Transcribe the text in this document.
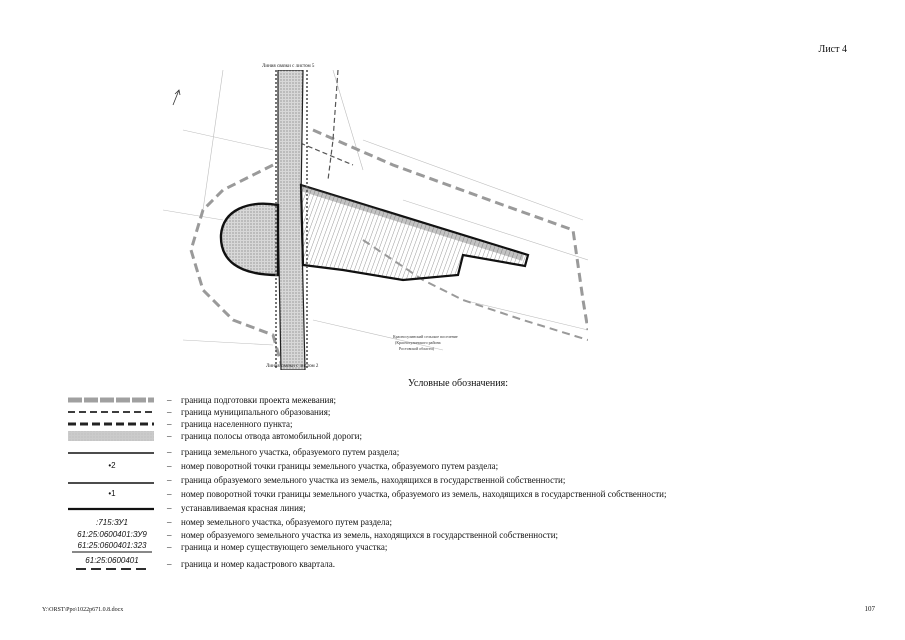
Лист 4
Линия связки с листом 5
Красносулинский сельское поселение
(Красносулинского района
Ростовской области)
Линия связки с листом 2
Условные обозначения:
– граница подготовки проекта межевания;
– граница муниципального образования;
– граница населенного пункта;
– граница полосы отвода автомобильной дороги;
– граница земельного участка, образуемого путем раздела;
•2	– номер поворотной точки границы земельного участка, образуемого путем раздела;
– граница образуемого земельного участка из земель, находящихся в государственной собственности;
•1	– номер поворотной точки границы земельного участка, образуемого из земель, находящихся в государственной собственности;
– устанавливаемая красная линия;
:715:ЗУ1	– номер земельного участка, образуемого путем раздела;
61:25:0600401:ЗУ9	– номер образуемого земельного участка из земель, находящихся в государственной собственности;
61:25:0600401:323	– граница и номер существующего земельного участка;
61:25:0600401	– граница и номер кадастрового квартала.
Y:\ORST\Рро\1022р671.0.8.docx	107
